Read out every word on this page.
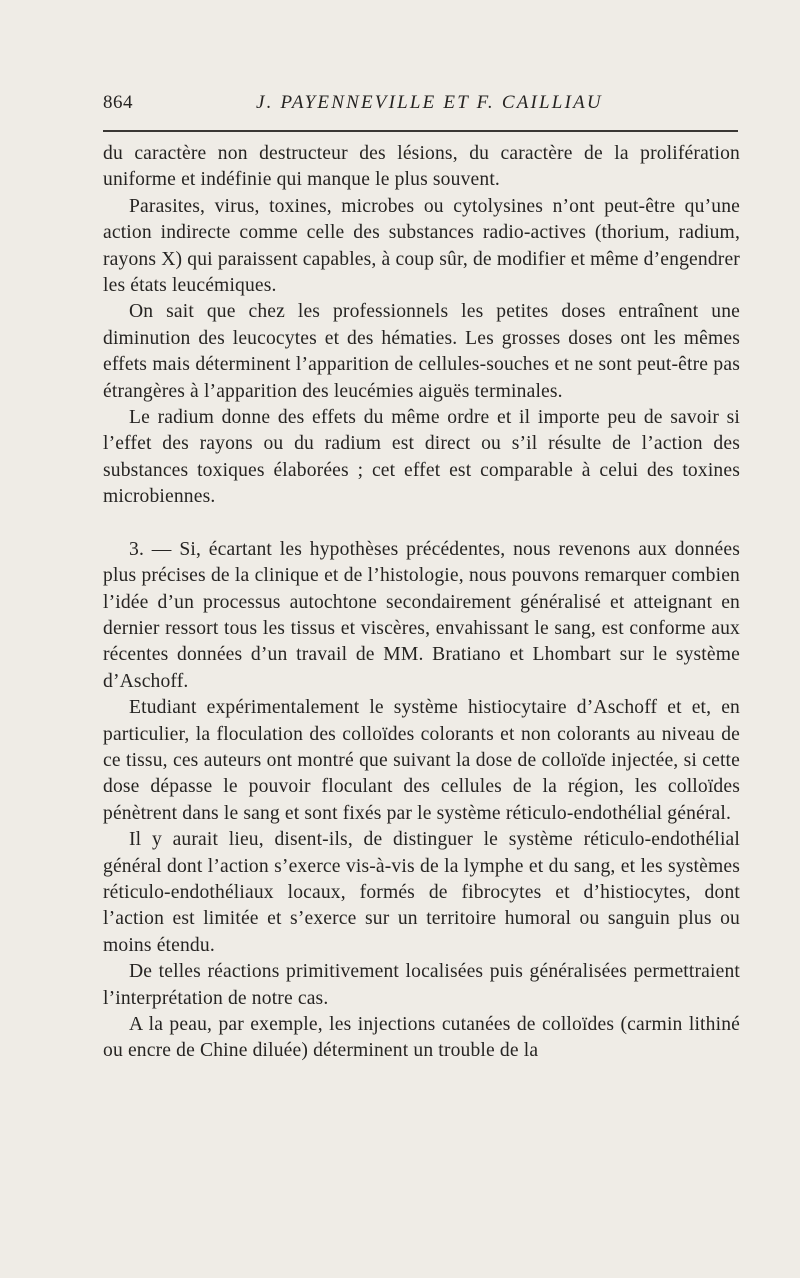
864	J. PAYENNEVILLE ET F. CAILLIAU

du caractère non destructeur des lésions, du caractère de la prolifération uniforme et indéfinie qui manque le plus souvent.

Parasites, virus, toxines, microbes ou cytolysines n’ont peut-être qu’une action indirecte comme celle des substances radio-actives (thorium, radium, rayons X) qui paraissent capables, à coup sûr, de modifier et même d’engendrer les états leucémiques.

On sait que chez les professionnels les petites doses entraînent une diminution des leucocytes et des hématies. Les grosses doses ont les mêmes effets mais déterminent l’apparition de cellules-souches et ne sont peut-être pas étrangères à l’apparition des leucémies aiguës terminales.

Le radium donne des effets du même ordre et il importe peu de savoir si l’effet des rayons ou du radium est direct ou s’il résulte de l’action des substances toxiques élaborées ; cet effet est comparable à celui des toxines microbiennes.

3. — Si, écartant les hypothèses précédentes, nous revenons aux données plus précises de la clinique et de l’histologie, nous pouvons remarquer combien l’idée d’un processus autochtone secondairement généralisé et atteignant en dernier ressort tous les tissus et viscères, envahissant le sang, est conforme aux récentes données d’un travail de MM. Bratiano et Lhombart sur le système d’Aschoff.

Etudiant expérimentalement le système histiocytaire d’Aschoff et et, en particulier, la floculation des colloïdes colorants et non colorants au niveau de ce tissu, ces auteurs ont montré que suivant la dose de colloïde injectée, si cette dose dépasse le pouvoir floculant des cellules de la région, les colloïdes pénètrent dans le sang et sont fixés par le système réticulo-endothélial général.

Il y aurait lieu, disent-ils, de distinguer le système réticulo-endothélial général dont l’action s’exerce vis-à-vis de la lymphe et du sang, et les systèmes réticulo-endothéliaux locaux, formés de fibrocytes et d’histiocytes, dont l’action est limitée et s’exerce sur un territoire humoral ou sanguin plus ou moins étendu.

De telles réactions primitivement localisées puis généralisées permettraient l’interprétation de notre cas.

A la peau, par exemple, les injections cutanées de colloïdes (carmin lithiné ou encre de Chine diluée) déterminent un trouble de la
